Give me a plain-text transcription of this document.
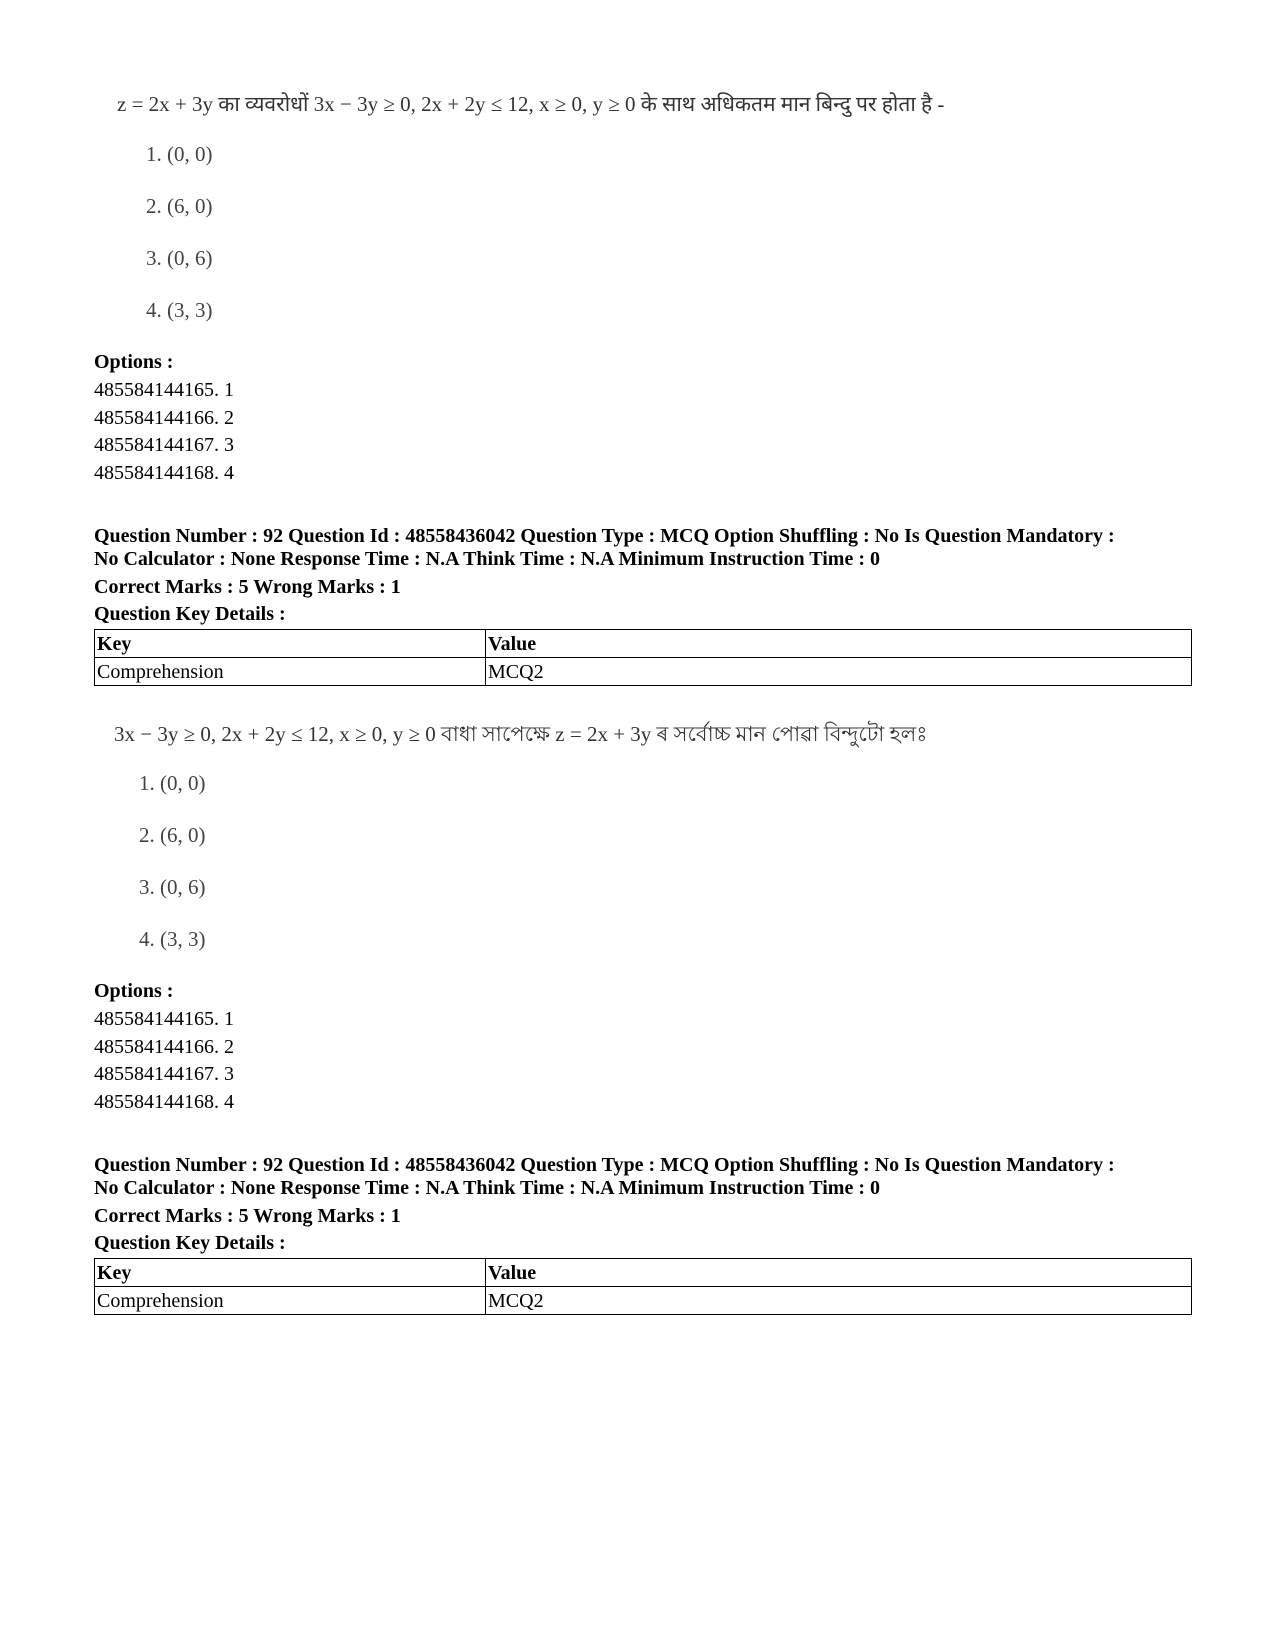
z = 2x + 3y का व्यवरोधों 3x − 3y ≥ 0, 2x + 2y ≤ 12, x ≥ 0, y ≥ 0 के साथ अधिकतम मान बिन्दु पर होता है -
1. (0, 0)
2. (6, 0)
3. (0, 6)
4. (3, 3)
Options :
485584144165. 1
485584144166. 2
485584144167. 3
485584144168. 4
Question Number : 92 Question Id : 48558436042 Question Type : MCQ Option Shuffling : No Is Question Mandatory :
No Calculator : None Response Time : N.A Think Time : N.A Minimum Instruction Time : 0
Correct Marks : 5 Wrong Marks : 1
Question Key Details :
Key	Value
Comprehension	MCQ2
3x − 3y ≥ 0, 2x + 2y ≤ 12, x ≥ 0, y ≥ 0 বাধা সাপেক্ষে z = 2x + 3y ৰ সৰ্বোচ্চ মান পোৱা বিন্দুটো হলঃ
1. (0, 0)
2. (6, 0)
3. (0, 6)
4. (3, 3)
Options :
485584144165. 1
485584144166. 2
485584144167. 3
485584144168. 4
Question Number : 92 Question Id : 48558436042 Question Type : MCQ Option Shuffling : No Is Question Mandatory :
No Calculator : None Response Time : N.A Think Time : N.A Minimum Instruction Time : 0
Correct Marks : 5 Wrong Marks : 1
Question Key Details :
Key	Value
Comprehension	MCQ2
